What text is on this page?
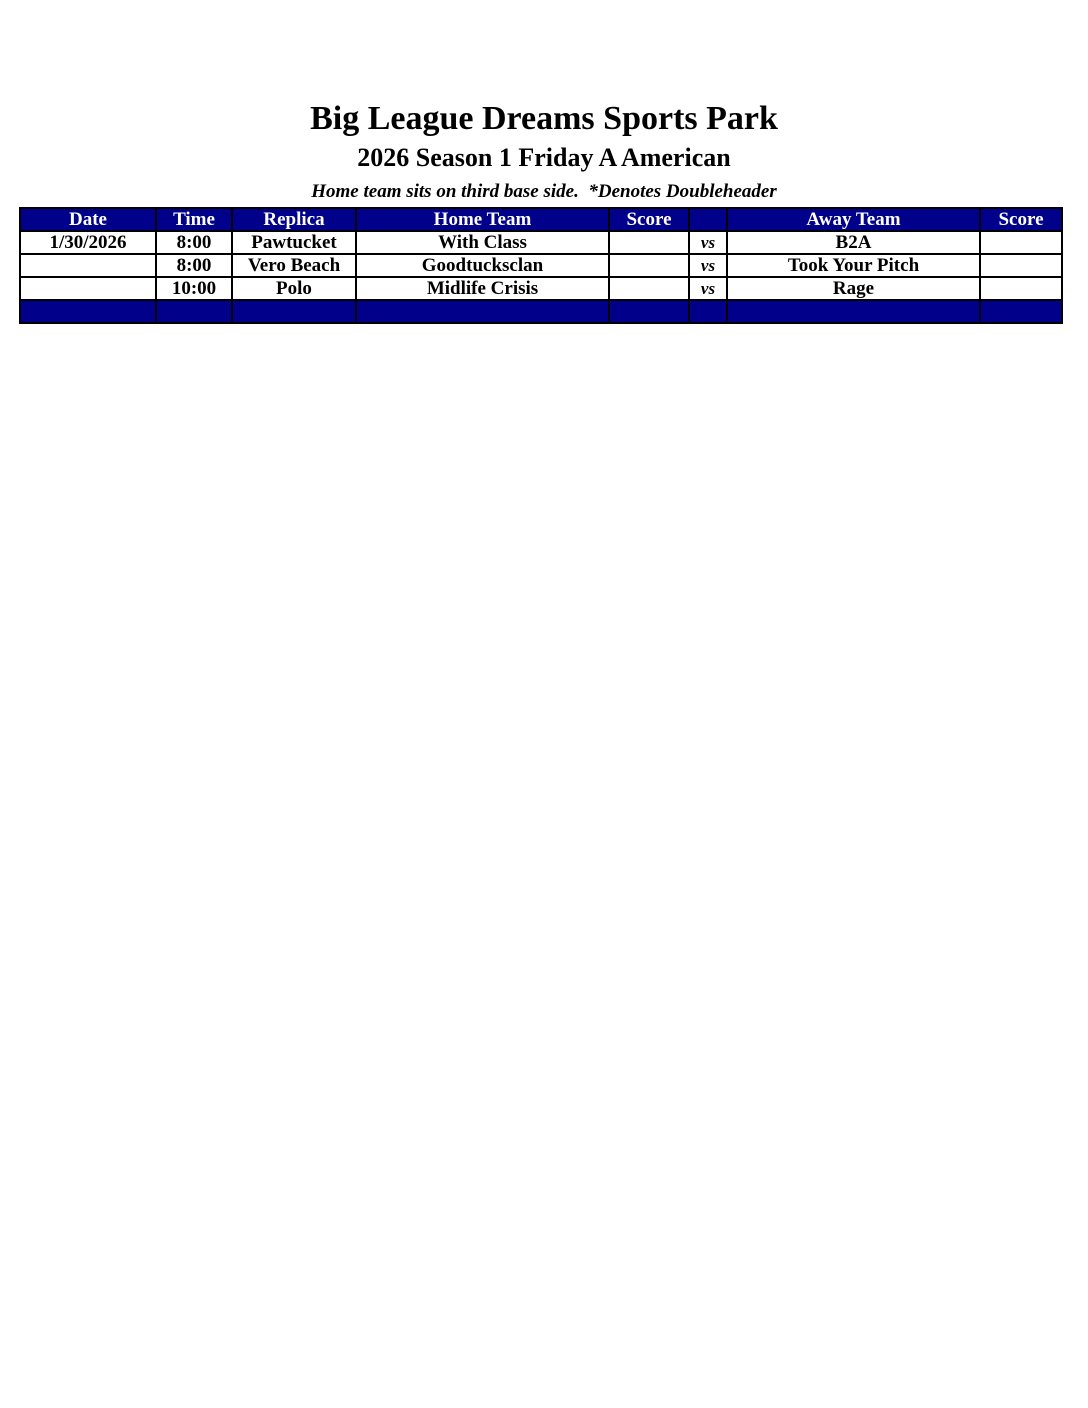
Big League Dreams Sports Park
2026 Season 1 Friday A American
Home team sits on third base side.  *Denotes Doubleheader
Date	Time	Replica	Home Team	Score		Away Team	Score
1/30/2026	8:00	Pawtucket	With Class		vs	B2A	
	8:00	Vero Beach	Goodtucksclan		vs	Took Your Pitch	
	10:00	Polo	Midlife Crisis		vs	Rage	
